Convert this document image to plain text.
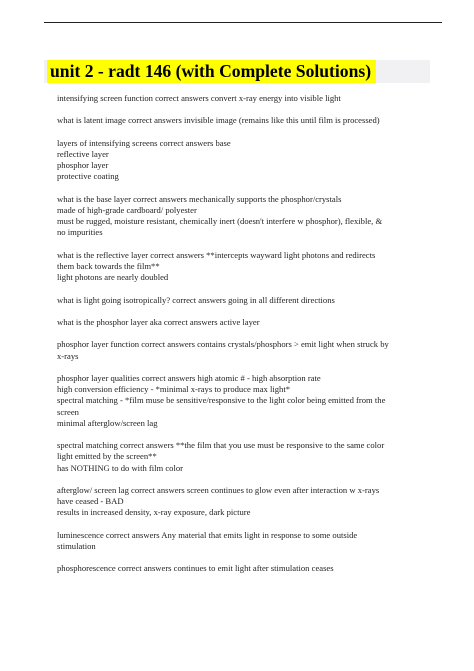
unit 2 - radt 146 (with Complete Solutions)
intensifying screen function correct answers convert x-ray energy into visible light
what is latent image correct answers invisible image (remains like this until film is processed)
layers of intensifying screens correct answers base
reflective layer
phosphor layer
protective coating
what is the base layer correct answers mechanically supports the phosphor/crystals
made of high-grade cardboard/ polyester
must be rugged, moisture resistant, chemically inert (doesn't interfere w phosphor), flexible, &
no impurities
what is the reflective layer correct answers **intercepts wayward light photons and redirects
them back towards the film**
light photons are nearly doubled
what is light going isotropically? correct answers going in all different directions
what is the phosphor layer aka correct answers active layer
phosphor layer function correct answers contains crystals/phosphors > emit light when struck by
x-rays
phosphor layer qualities correct answers high atomic # - high absorption rate
high conversion efficiency - *minimal x-rays to produce max light*
spectral matching - *film muse be sensitive/responsive to the light color being emitted from the
screen
minimal afterglow/screen lag
spectral matching correct answers **the film that you use must be responsive to the same color
light emitted by the screen**
has NOTHING to do with film color
afterglow/ screen lag correct answers screen continues to glow even after interaction w x-rays
have ceased - BAD
results in increased density, x-ray exposure, dark picture
luminescence correct answers Any material that emits light in response to some outside
stimulation
phosphorescence correct answers continues to emit light after stimulation ceases
